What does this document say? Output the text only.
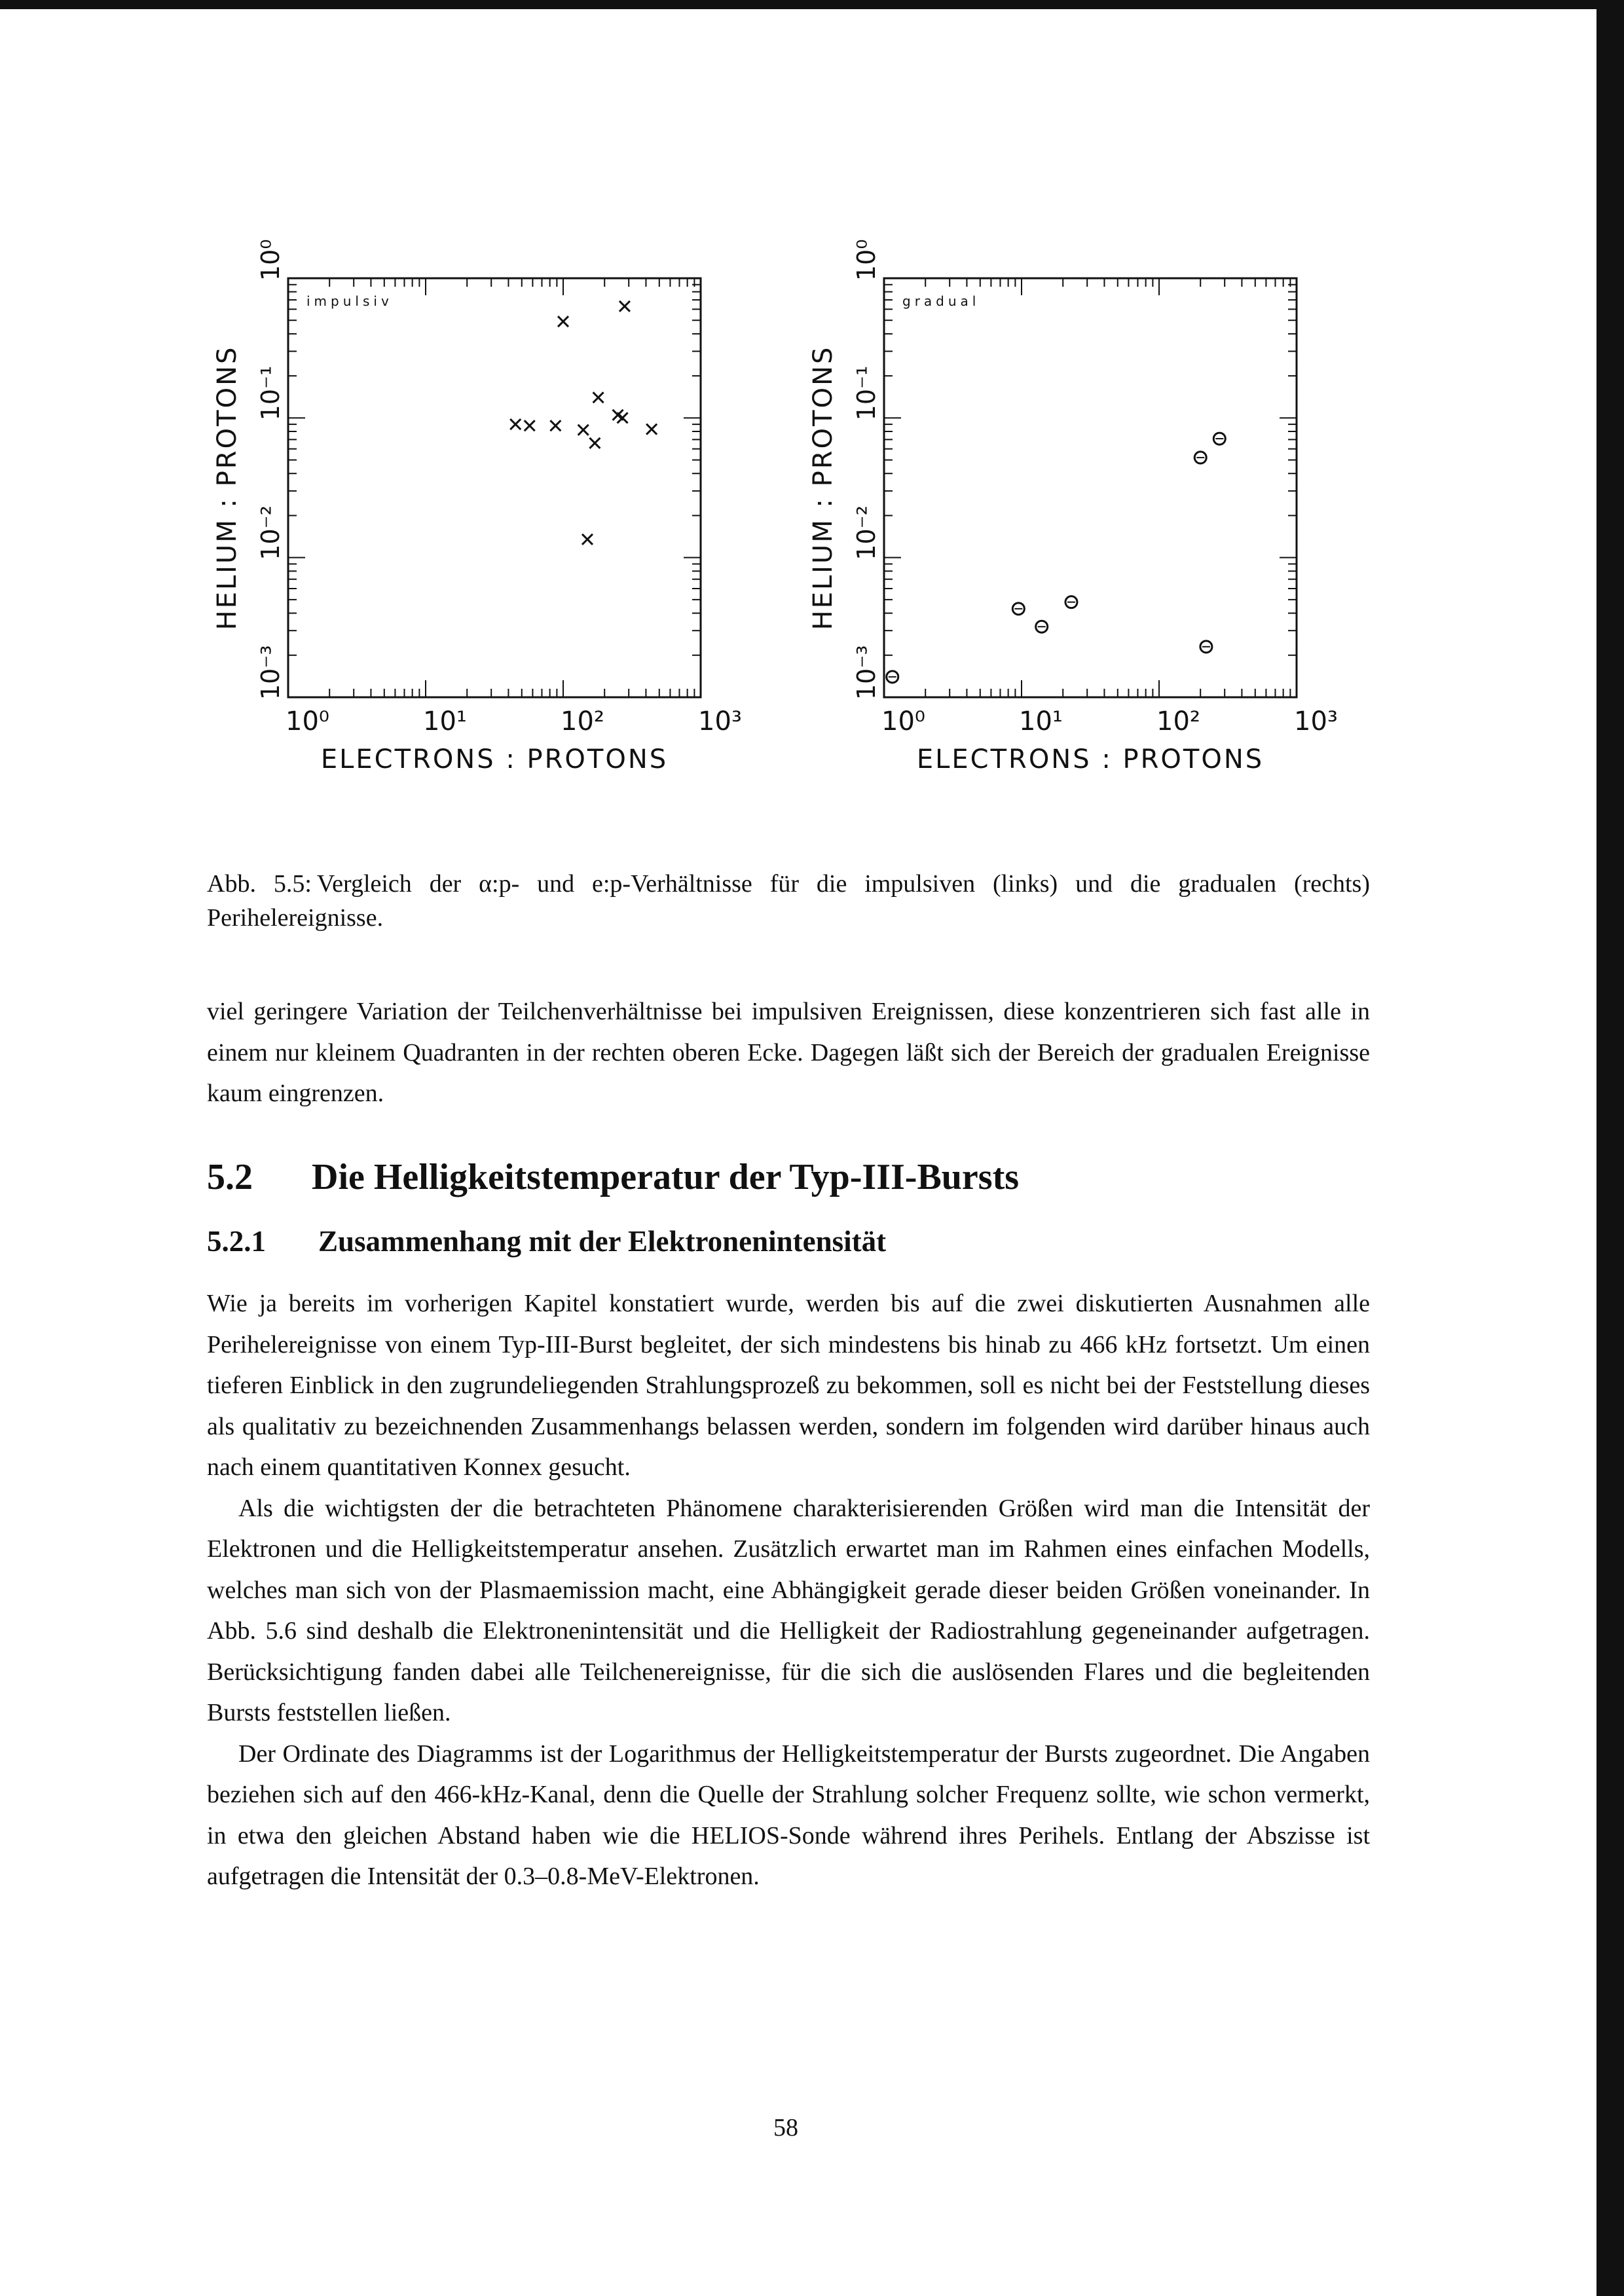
10⁰	10¹	10²	10³
10⁻³
10⁻²
10⁻¹
10⁰
ELECTRONS : PROTONS
HELIUM : PROTONS
impulsiv
10⁰	10¹	10²	10³
10⁻³
10⁻²
10⁻¹
10⁰
ELECTRONS : PROTONS
HELIUM : PROTONS
gradual
Abb. 5.5: Vergleich der α:p- und e:p-Verhältnisse für die impulsiven (links) und die gradualen (rechts) Perihelereignisse.

viel geringere Variation der Teilchenverhältnisse bei impulsiven Ereignissen, diese konzentrieren sich fast alle in einem nur kleinem Quadranten in der rechten oberen Ecke. Dagegen läßt sich der Bereich der gradualen Ereignisse kaum eingrenzen.

5.2 Die Helligkeitstemperatur der Typ-III-Bursts
5.2.1 Zusammenhang mit der Elektronenintensität

Wie ja bereits im vorherigen Kapitel konstatiert wurde, werden bis auf die zwei diskutierten Ausnahmen alle Perihelereignisse von einem Typ-III-Burst begleitet, der sich mindestens bis hinab zu 466 kHz fortsetzt. Um einen tieferen Einblick in den zugrundeliegenden Strahlungsprozeß zu bekommen, soll es nicht bei der Feststellung dieses als qualitativ zu bezeichnenden Zusammenhangs belassen werden, sondern im folgenden wird darüber hinaus auch nach einem quantitativen Konnex gesucht.

Als die wichtigsten der die betrachteten Phänomene charakterisierenden Größen wird man die Intensität der Elektronen und die Helligkeitstemperatur ansehen. Zusätzlich erwartet man im Rahmen eines einfachen Modells, welches man sich von der Plasmaemission macht, eine Abhängigkeit gerade dieser beiden Größen voneinander. In Abb. 5.6 sind deshalb die Elektronenintensität und die Helligkeit der Radiostrahlung gegeneinander aufgetragen. Berücksichtigung fanden dabei alle Teilchenereignisse, für die sich die auslösenden Flares und die begleitenden Bursts feststellen ließen.

Der Ordinate des Diagramms ist der Logarithmus der Helligkeitstemperatur der Bursts zugeordnet. Die Angaben beziehen sich auf den 466-kHz-Kanal, denn die Quelle der Strahlung solcher Frequenz sollte, wie schon vermerkt, in etwa den gleichen Abstand haben wie die HELIOS-Sonde während ihres Perihels. Entlang der Abszisse ist aufgetragen die Intensität der 0.3–0.8-MeV-Elektronen.

58
